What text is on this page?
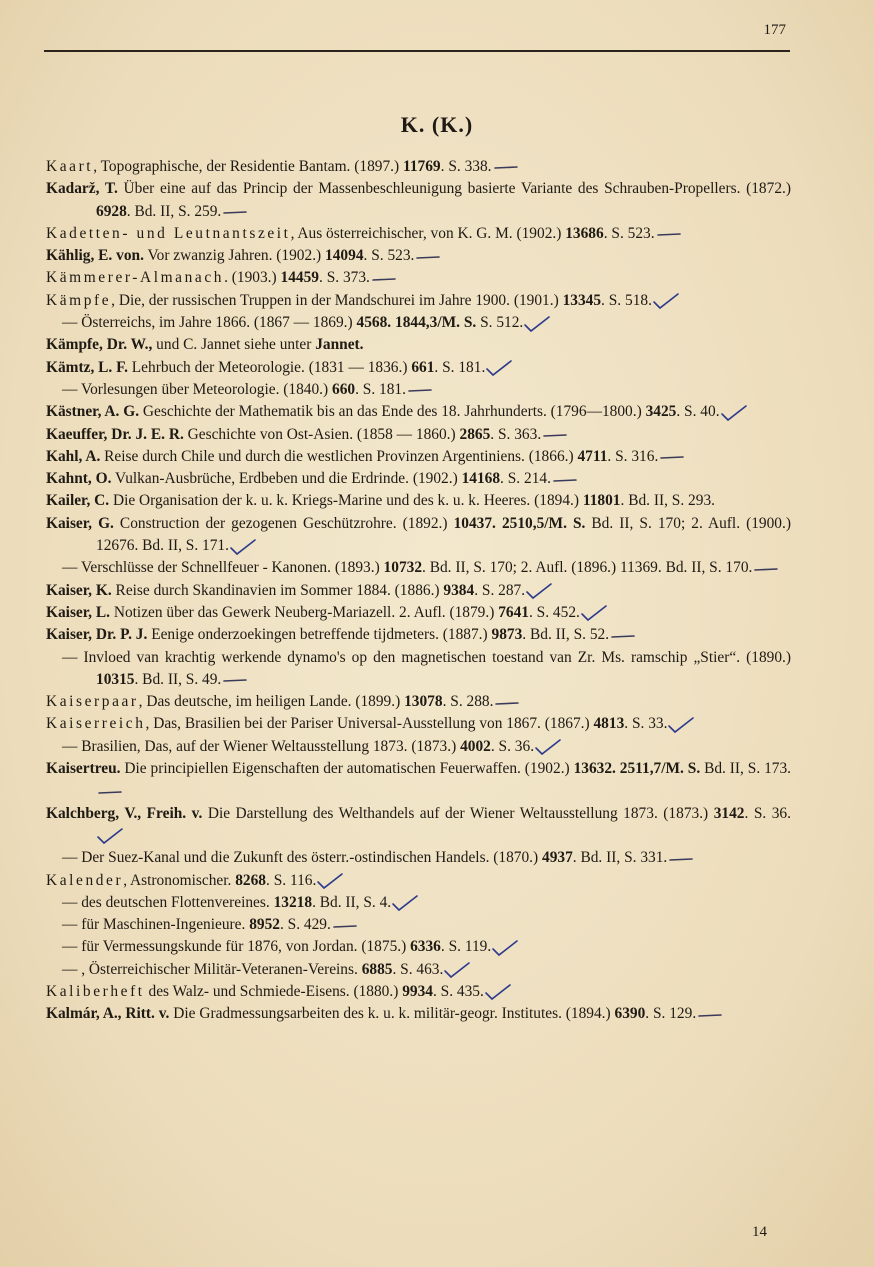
177
K. (K.)
Kaart, Topographische, der Residentie Bantam. (1897.) 11769. S. 338.
Kadarž, T. Über eine auf das Princip der Massenbeschleunigung basierte Variante des Schrauben-Propellers. (1872.) 6928. Bd. II, S. 259.
Kadetten- und Leutnantszeit, Aus österreichischer, von K. G. M. (1902.) 13686. S. 523.
Kählig, E. von. Vor zwanzig Jahren. (1902.) 14094. S. 523.
Kämmerer-Almanach. (1903.) 14459. S. 373.
Kämpfe, Die, der russischen Truppen in der Mandschurei im Jahre 1900. (1901.) 13345. S. 518.
— Österreichs, im Jahre 1866. (1867 — 1869.) 4568. 1844,3/M. S. S. 512.
Kämpfe, Dr. W., und C. Jannet siehe unter Jannet.
Kämtz, L. F. Lehrbuch der Meteorologie. (1831 — 1836.) 661. S. 181.
— Vorlesungen über Meteorologie. (1840.) 660. S. 181.
Kästner, A. G. Geschichte der Mathematik bis an das Ende des 18. Jahrhunderts. (1796—1800.) 3425. S. 40.
Kaeuffer, Dr. J. E. R. Geschichte von Ost-Asien. (1858 — 1860.) 2865. S. 363.
Kahl, A. Reise durch Chile und durch die westlichen Provinzen Argentiniens. (1866.) 4711. S. 316.
Kahnt, O. Vulkan-Ausbrüche, Erdbeben und die Erdrinde. (1902.) 14168. S. 214.
Kailer, C. Die Organisation der k. u. k. Kriegs-Marine und des k. u. k. Heeres. (1894.) 11801. Bd. II, S. 293.
Kaiser, G. Construction der gezogenen Geschützrohre. (1892.) 10437. 2510,5/M. S. Bd. II, S. 170; 2. Aufl. (1900.) 12676. Bd. II, S. 171.
— Verschlüsse der Schnellfeuer - Kanonen. (1893.) 10732. Bd. II, S. 170; 2. Aufl. (1896.) 11369. Bd. II, S. 170.
Kaiser, K. Reise durch Skandinavien im Sommer 1884. (1886.) 9384. S. 287.
Kaiser, L. Notizen über das Gewerk Neuberg-Mariazell. 2. Aufl. (1879.) 7641. S. 452.
Kaiser, Dr. P. J. Eenige onderzoekingen betreffende tijdmeters. (1887.) 9873. Bd. II, S. 52.
— Invloed van krachtig werkende dynamo's op den magnetischen toestand van Zr. Ms. ramschip „Stier“. (1890.) 10315. Bd. II, S. 49.
Kaiserpaar, Das deutsche, im heiligen Lande. (1899.) 13078. S. 288.
Kaiserreich, Das, Brasilien bei der Pariser Universal-Ausstellung von 1867. (1867.) 4813. S. 33.
— Brasilien, Das, auf der Wiener Weltausstellung 1873. (1873.) 4002. S. 36.
Kaisertreu. Die principiellen Eigenschaften der automatischen Feuerwaffen. (1902.) 13632. 2511,7/M. S. Bd. II, S. 173.
Kalchberg, V., Freih. v. Die Darstellung des Welthandels auf der Wiener Weltausstellung 1873. (1873.) 3142. S. 36.
— Der Suez-Kanal und die Zukunft des österr.-ostindischen Handels. (1870.) 4937. Bd. II, S. 331.
Kalender, Astronomischer. 8268. S. 116.
— des deutschen Flottenvereines. 13218. Bd. II, S. 4.
— für Maschinen-Ingenieure. 8952. S. 429.
— für Vermessungskunde für 1876, von Jordan. (1875.) 6336. S. 119.
— , Österreichischer Militär-Veteranen-Vereins. 6885. S. 463.
Kaliberheft des Walz- und Schmiede-Eisens. (1880.) 9934. S. 435.
Kalmár, A., Ritt. v. Die Gradmessungsarbeiten des k. u. k. militär-geogr. Institutes. (1894.) 6390. S. 129.
14
